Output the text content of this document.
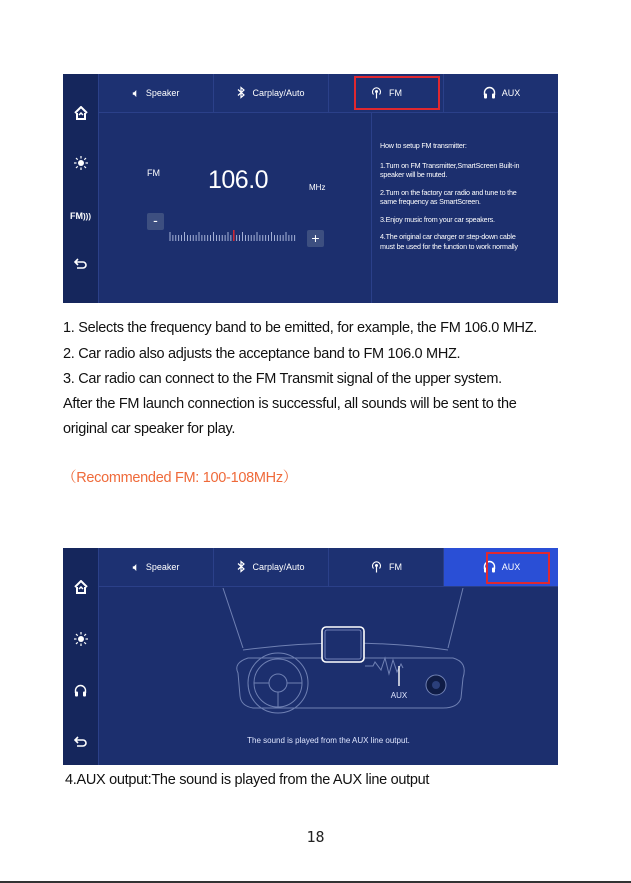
FM)))
🔈︎ Speaker	Carplay/Auto	FM	AUX
FM 106.0	MHz
-
+
How to setup FM transmitter:
1.Turn on FM Transmitter,SmartScreen Built-in
speaker will be muted.
2.Turn on the factory car radio and tune to the
same frequency as SmartScreen.
3.Enjoy music from your car speakers.
4.The original car charger or step-down cable
must be used for the function to work normally
1. Selects the frequency band to be emitted, for example, the FM 106.0 MHZ.
2. Car radio also adjusts the acceptance band to FM 106.0 MHZ.
3. Car radio can connect to the FM Transmit signal of the upper system.
After the FM launch connection is successful, all sounds will be sent to the
original car speaker for play.
（Recommended FM: 100-108MHz）
🔈︎ Speaker	Carplay/Auto	FM	AUX
AUX
The sound is played from the AUX line output.
4.AUX output:The sound is played from the AUX line output
18
